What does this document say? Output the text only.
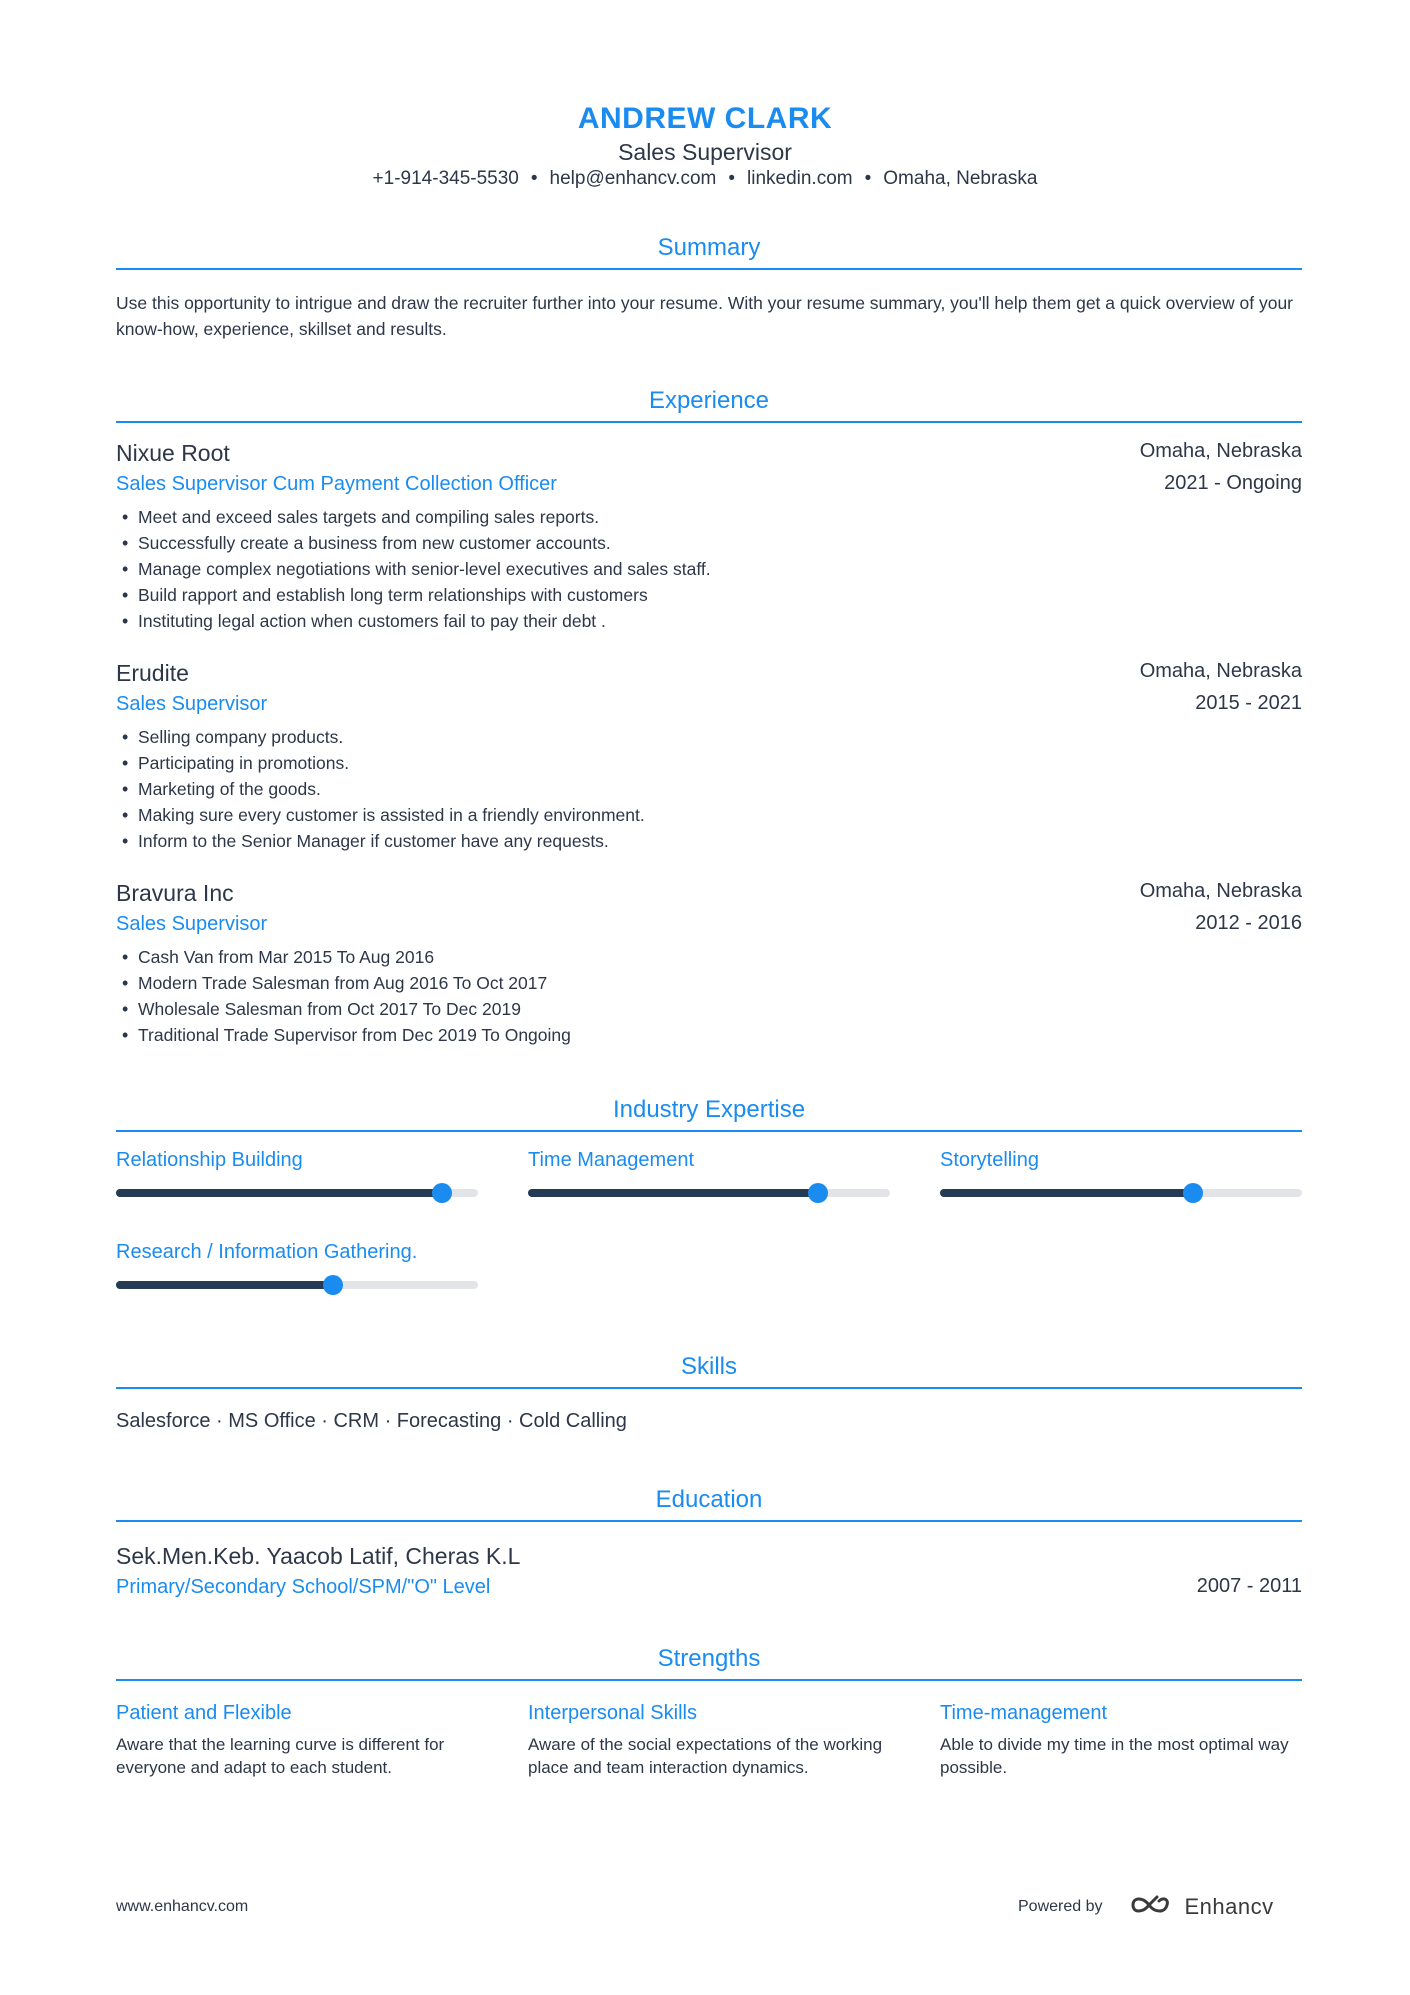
ANDREW CLARK
Sales Supervisor
+1-914-345-5530 • help@enhancv.com • linkedin.com • Omaha, Nebraska
Summary
Use this opportunity to intrigue and draw the recruiter further into your resume. With your resume summary, you'll help them get a quick overview of your know-how, experience, skillset and results.
Experience
Nixue Root
Sales Supervisor Cum Payment Collection Officer
Omaha, Nebraska
2021 - Ongoing
• Meet and exceed sales targets and compiling sales reports.
• Successfully create a business from new customer accounts.
• Manage complex negotiations with senior-level executives and sales staff.
• Build rapport and establish long term relationships with customers
• Instituting legal action when customers fail to pay their debt .
Erudite
Sales Supervisor
Omaha, Nebraska
2015 - 2021
• Selling company products.
• Participating in promotions.
• Marketing of the goods.
• Making sure every customer is assisted in a friendly environment.
• Inform to the Senior Manager if customer have any requests.
Bravura Inc
Sales Supervisor
Omaha, Nebraska
2012 - 2016
• Cash Van from Mar 2015 To Aug 2016
• Modern Trade Salesman from Aug 2016 To Oct 2017
• Wholesale Salesman from Oct 2017 To Dec 2019
• Traditional Trade Supervisor from Dec 2019 To Ongoing
Industry Expertise
Relationship Building	Time Management	Storytelling
Research / Information Gathering.
Skills
Salesforce · MS Office · CRM · Forecasting · Cold Calling
Education
Sek.Men.Keb. Yaacob Latif, Cheras K.L
Primary/Secondary School/SPM/"O" Level	2007 - 2011
Strengths
Patient and Flexible
Aware that the learning curve is different for everyone and adapt to each student.
Interpersonal Skills
Aware of the social expectations of the working place and team interaction dynamics.
Time-management
Able to divide my time in the most optimal way possible.
www.enhancv.com	Powered by	Enhancv
